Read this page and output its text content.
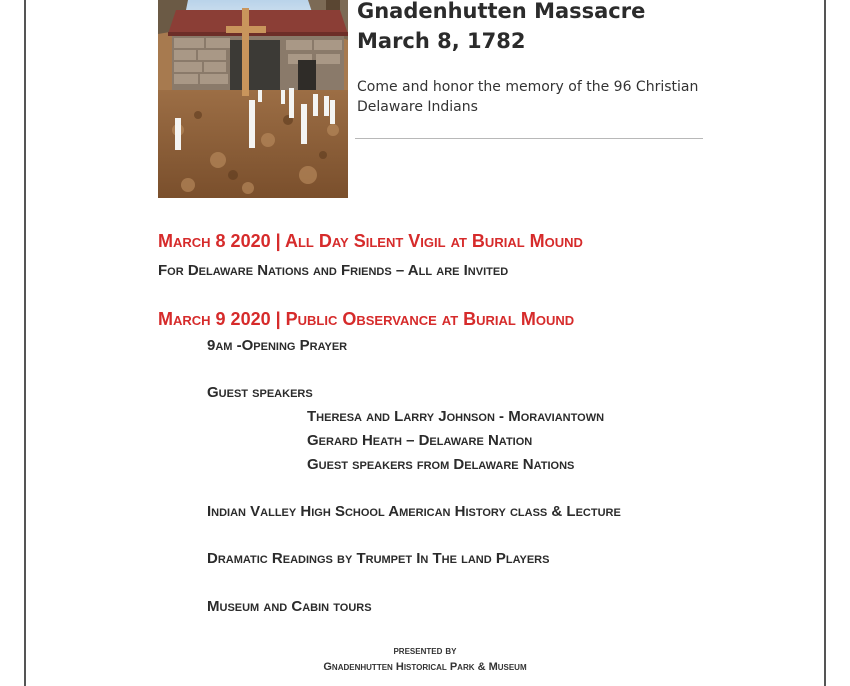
Gnadenhutten Massacre
March 8, 1782
Come and honor the memory of the 96 Christian Delaware Indians
March 8 2020 | All Day Silent Vigil at Burial Mound
For Delaware Nations and Friends – All are Invited
March 9 2020 | Public Observance at Burial Mound
9am -Opening Prayer
Guest speakers
Theresa and Larry Johnson - Moraviantown
Gerard Heath – Delaware Nation
Guest speakers from Delaware Nations
Indian Valley High School American History class & Lecture
Dramatic Readings by Trumpet In The land Players
Museum and Cabin tours
presented by
Gnadenhutten Historical Park & Museum
